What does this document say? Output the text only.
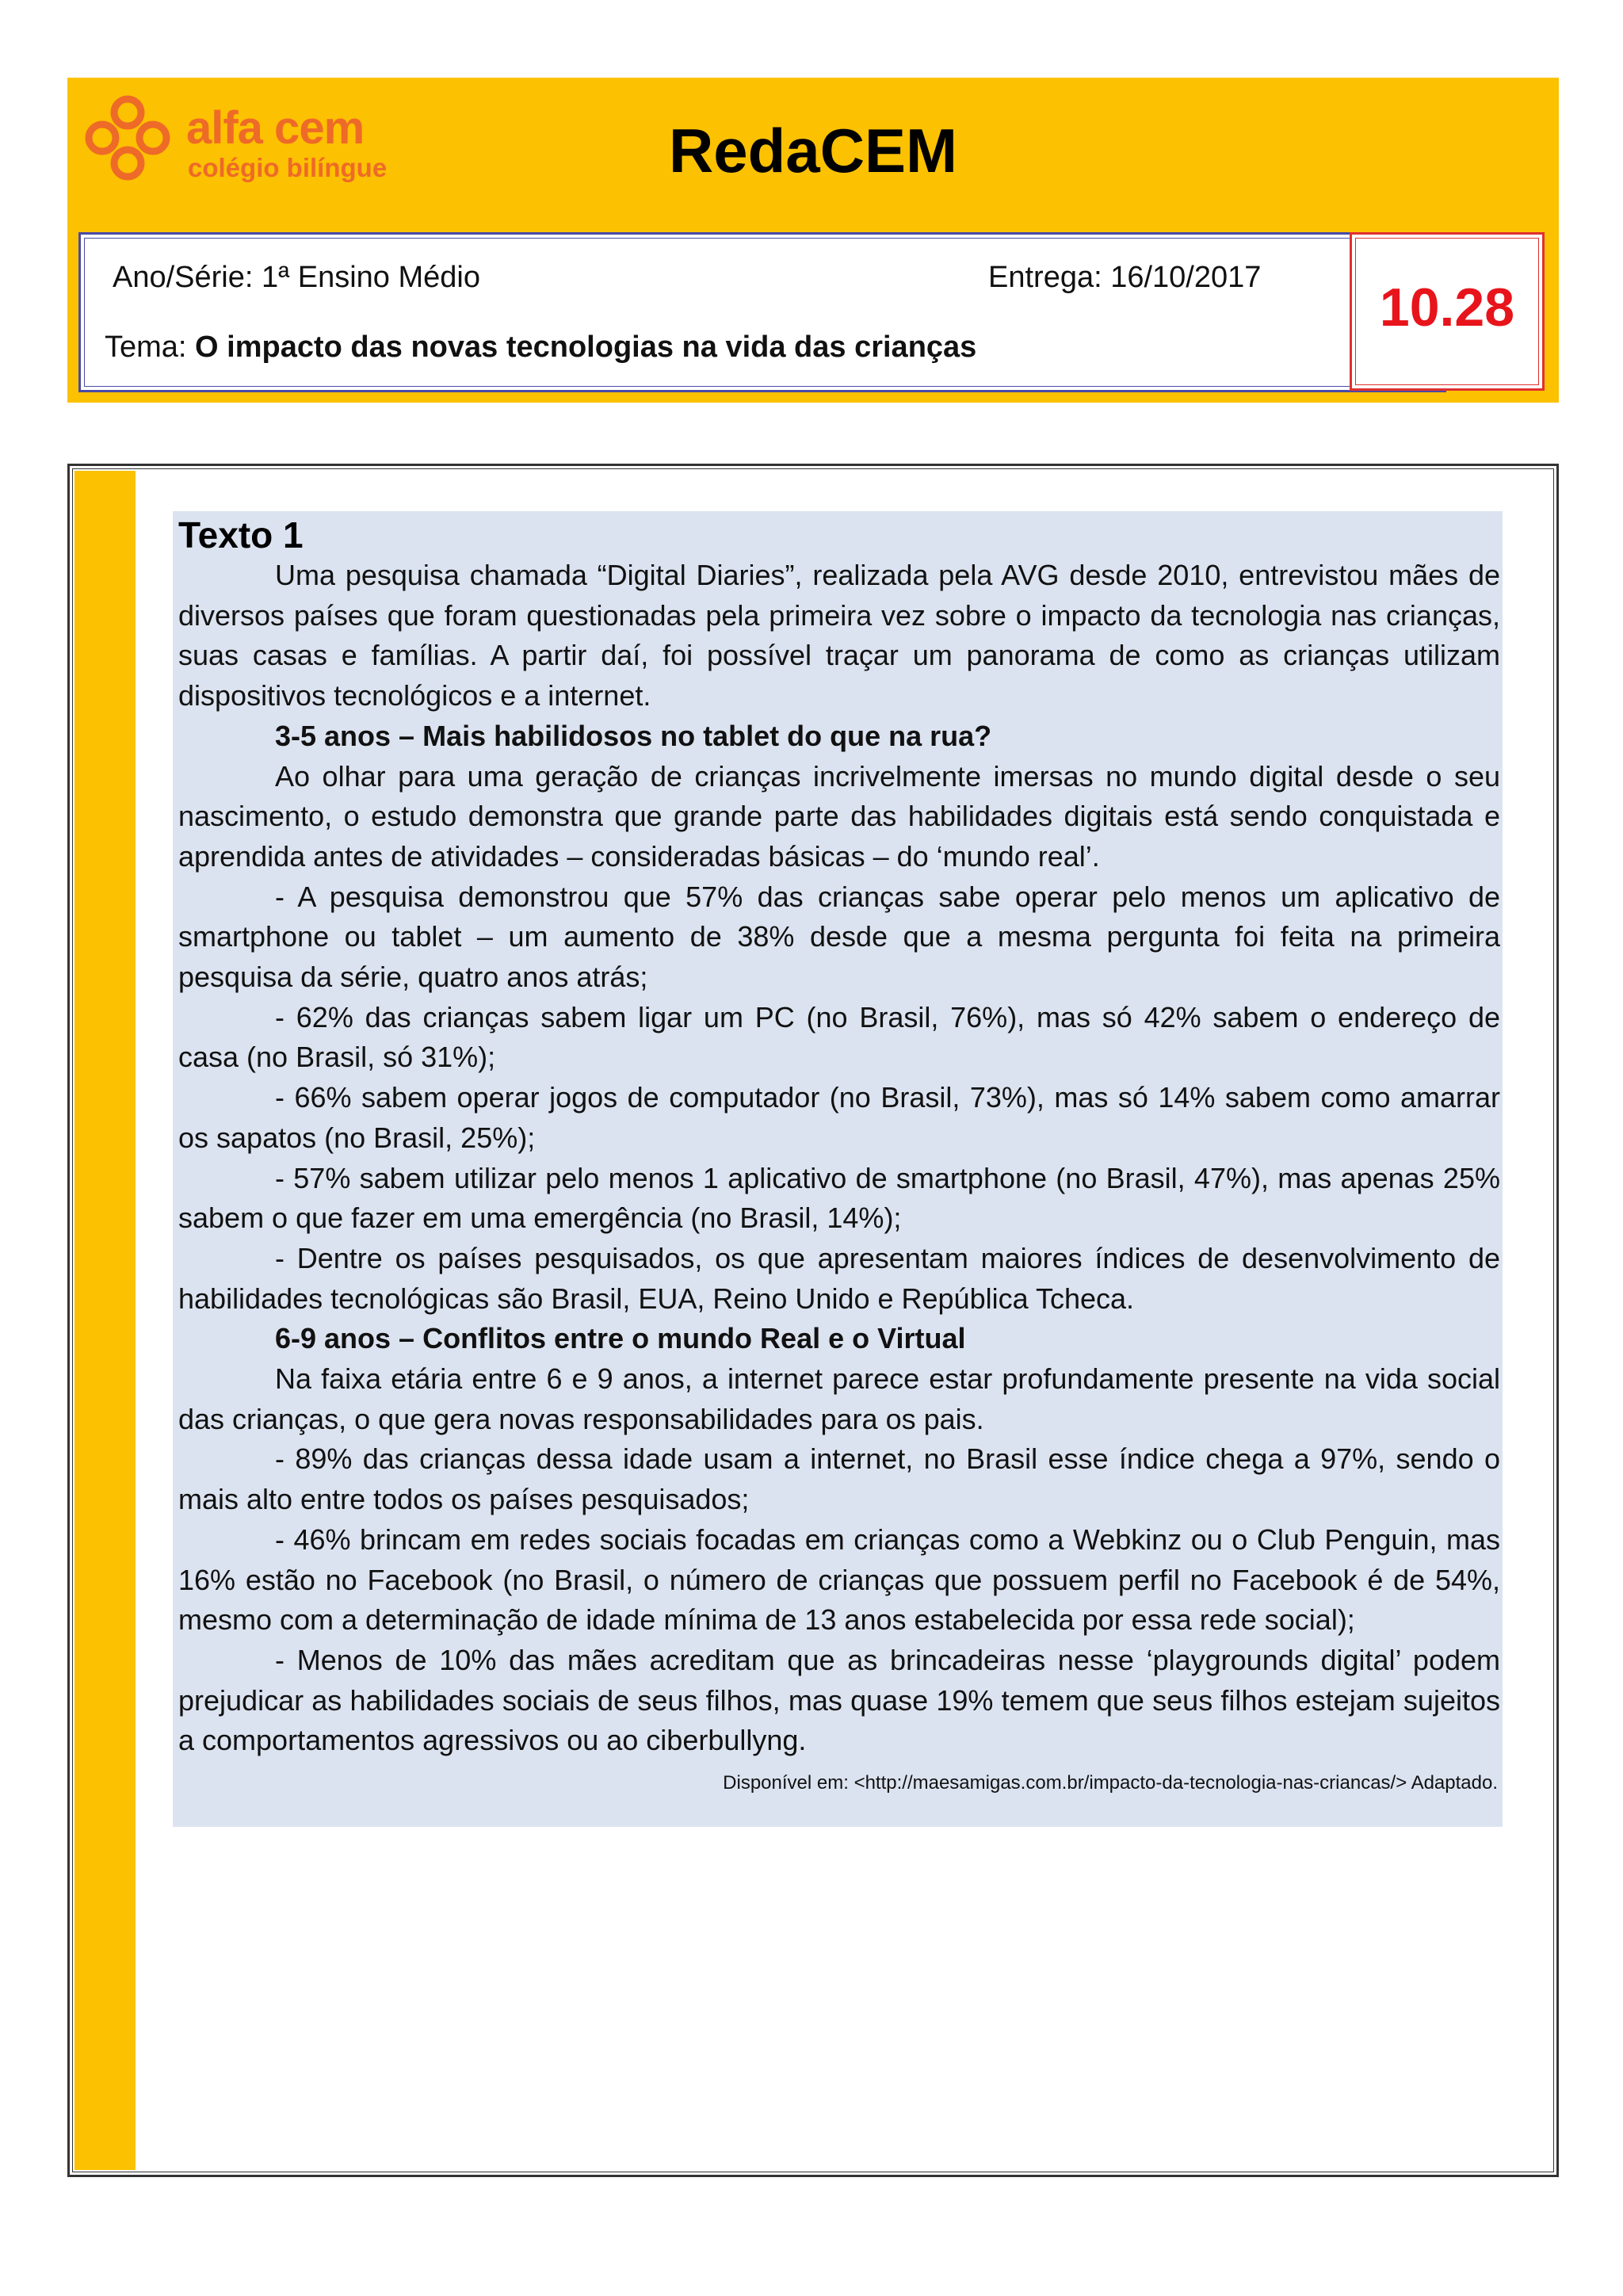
alfa cem
colégio bilíngue	RedaCEM
Ano/Série: 1ª Ensino Médio	Entrega: 16/10/2017
Tema: O impacto das novas tecnologias na vida das crianças
10.28
Texto 1

Uma pesquisa chamada “Digital Diaries”, realizada pela AVG desde 2010, entrevistou mães de diversos países que foram questionadas pela primeira vez sobre o impacto da tecnologia nas crianças, suas casas e famílias. A partir daí, foi possível traçar um panorama de como as crianças utilizam dispositivos tecnológicos e a internet.

3-5 anos – Mais habilidosos no tablet do que na rua?

Ao olhar para uma geração de crianças incrivelmente imersas no mundo digital desde o seu nascimento, o estudo demonstra que grande parte das habilidades digitais está sendo conquistada e aprendida antes de atividades – consideradas básicas – do ‘mundo real’.

- A pesquisa demonstrou que 57% das crianças sabe operar pelo menos um aplicativo de smartphone ou tablet – um aumento de 38% desde que a mesma pergunta foi feita na primeira pesquisa da série, quatro anos atrás;

- 62% das crianças sabem ligar um PC (no Brasil, 76%), mas só 42% sabem o endereço de casa (no Brasil, só 31%);

- 66% sabem operar jogos de computador (no Brasil, 73%), mas só 14% sabem como amarrar os sapatos (no Brasil, 25%);

- 57% sabem utilizar pelo menos 1 aplicativo de smartphone (no Brasil, 47%), mas apenas 25% sabem o que fazer em uma emergência (no Brasil, 14%);

- Dentre os países pesquisados, os que apresentam maiores índices de desenvolvimento de habilidades tecnológicas são Brasil, EUA, Reino Unido e República Tcheca.

6-9 anos – Conflitos entre o mundo Real e o Virtual

Na faixa etária entre 6 e 9 anos, a internet parece estar profundamente presente na vida social das crianças, o que gera novas responsabilidades para os pais.

- 89% das crianças dessa idade usam a internet, no Brasil esse índice chega a 97%, sendo o mais alto entre todos os países pesquisados;

- 46% brincam em redes sociais focadas em crianças como a Webkinz ou o Club Penguin, mas 16% estão no Facebook (no Brasil, o número de crianças que possuem perfil no Facebook é de 54%, mesmo com a determinação de idade mínima de 13 anos estabelecida por essa rede social);

- Menos de 10% das mães acreditam que as brincadeiras nesse ‘playgrounds digital’ podem prejudicar as habilidades sociais de seus filhos, mas quase 19% temem que seus filhos estejam sujeitos a comportamentos agressivos ou ao ciberbullyng.

Disponível em: <http://maesamigas.com.br/impacto-da-tecnologia-nas-criancas/> Adaptado.
